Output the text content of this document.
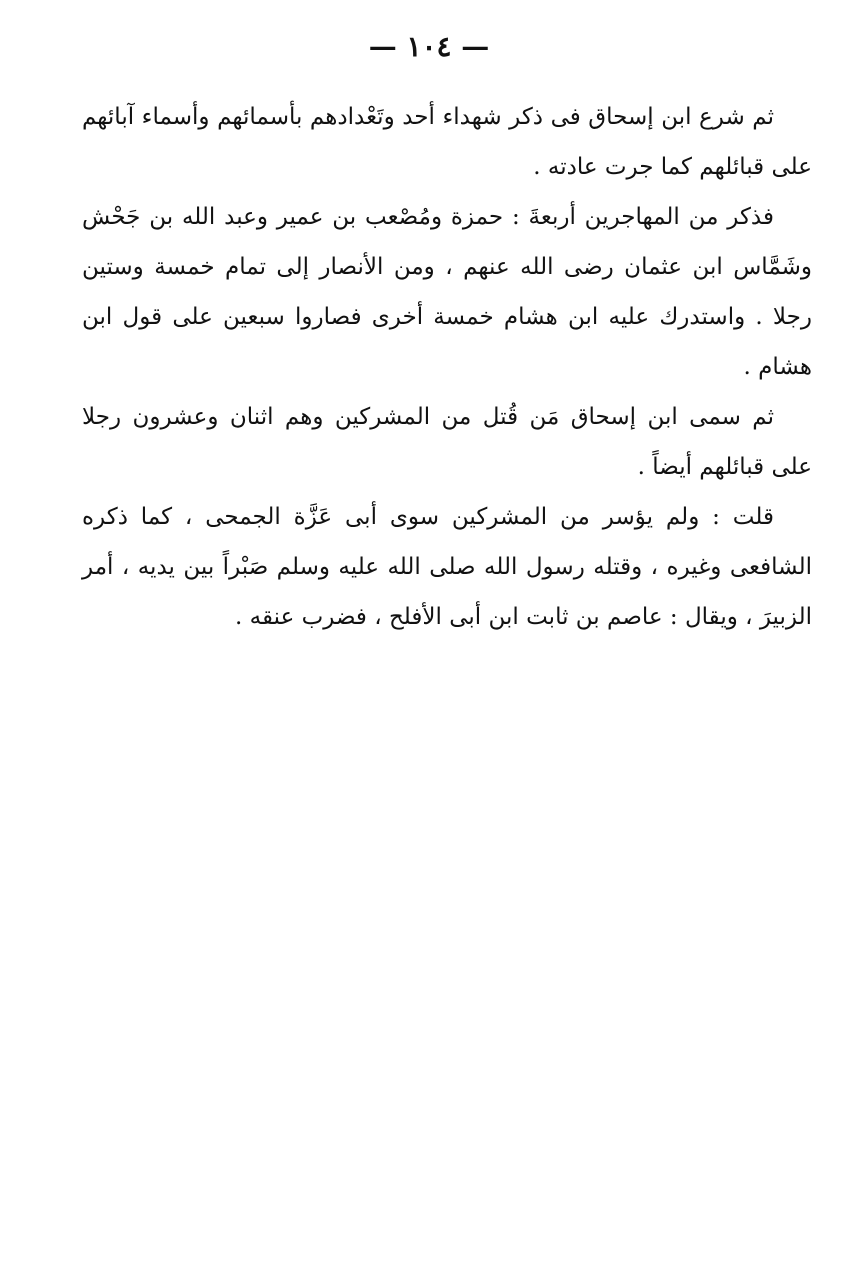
— ١٠٤ —

ثم شرع ابن إسحاق فى ذكر شهداء أحد وتَعْدادهم بأسمائهم وأسماء آبائهم على قبائلهم كما جرت عادته .

فذكر من المهاجرين أربعةَ : حمزة ومُصْعب بن عمير وعبد الله بن جَحْش وشَمَّاس ابن عثمان رضى الله عنهم ، ومن الأنصار إلى تمام خمسة وستين رجلا . واستدرك عليه ابن هشام خمسة أخرى فصاروا سبعين على قول ابن هشام .

ثم سمى ابن إسحاق مَن قُتل من المشركين وهم اثنان وعشرون رجلا على قبائلهم أيضاً .

قلت : ولم يؤسر من المشركين سوى أبى عَزَّة الجمحى ، كما ذكره الشافعى وغيره ، وقتله رسول الله صلى الله عليه وسلم صَبْراً بين يديه ، أمر الزبيرَ ، ويقال : عاصم بن ثابت ابن أبى الأفلح ، فضرب عنقه .
